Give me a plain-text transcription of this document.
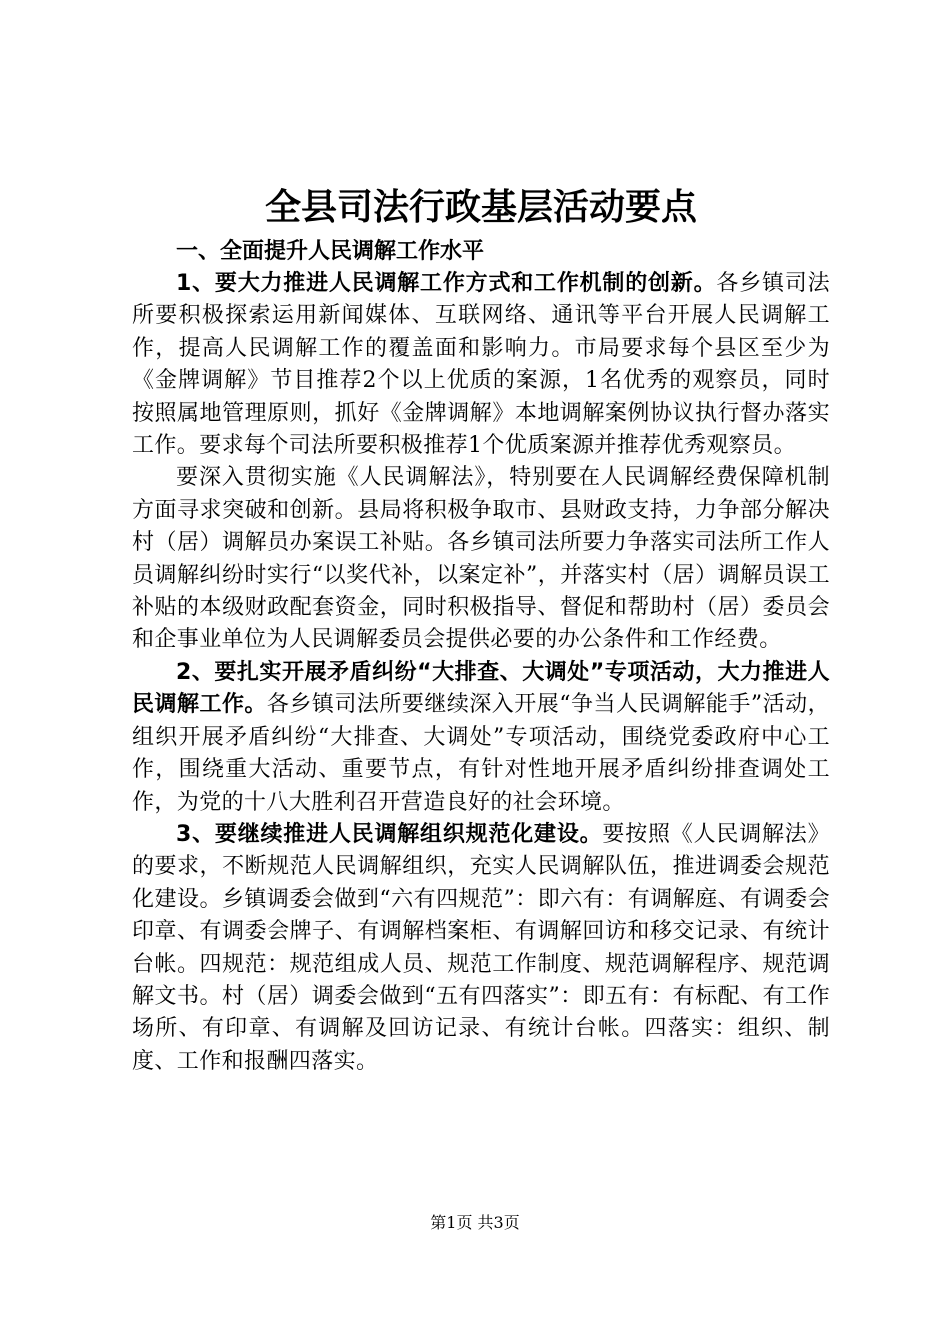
全县司法行政基层活动要点
一、全面提升人民调解工作水平

1、要大力推进人民调解工作方式和工作机制的创新。各乡镇司法所要积极探索运用新闻媒体、互联网络、通讯等平台开展人民调解工作，提高人民调解工作的覆盖面和影响力。市局要求每个县区至少为《金牌调解》节目推荐2个以上优质的案源，1名优秀的观察员，同时按照属地管理原则，抓好《金牌调解》本地调解案例协议执行督办落实工作。要求每个司法所要积极推荐1个优质案源并推荐优秀观察员。

要深入贯彻实施《人民调解法》，特别要在人民调解经费保障机制方面寻求突破和创新。县局将积极争取市、县财政支持，力争部分解决村（居）调解员办案误工补贴。各乡镇司法所要力争落实司法所工作人员调解纠纷时实行“以奖代补，以案定补”，并落实村（居）调解员误工补贴的本级财政配套资金，同时积极指导、督促和帮助村（居）委员会和企事业单位为人民调解委员会提供必要的办公条件和工作经费。

2、要扎实开展矛盾纠纷“大排查、大调处”专项活动，大力推进人民调解工作。各乡镇司法所要继续深入开展“争当人民调解能手”活动，组织开展矛盾纠纷“大排查、大调处”专项活动，围绕党委政府中心工作，围绕重大活动、重要节点，有针对性地开展矛盾纠纷排查调处工作，为党的十八大胜利召开营造良好的社会环境。

3、要继续推进人民调解组织规范化建设。要按照《人民调解法》的要求，不断规范人民调解组织，充实人民调解队伍，推进调委会规范化建设。乡镇调委会做到“六有四规范”：即六有：有调解庭、有调委会印章、有调委会牌子、有调解档案柜、有调解回访和移交记录、有统计台帐。四规范：规范组成人员、规范工作制度、规范调解程序、规范调解文书。村（居）调委会做到“五有四落实”：即五有：有标配、有工作场所、有印章、有调解及回访记录、有统计台帐。四落实：组织、制度、工作和报酬四落实。

第1页 共3页
